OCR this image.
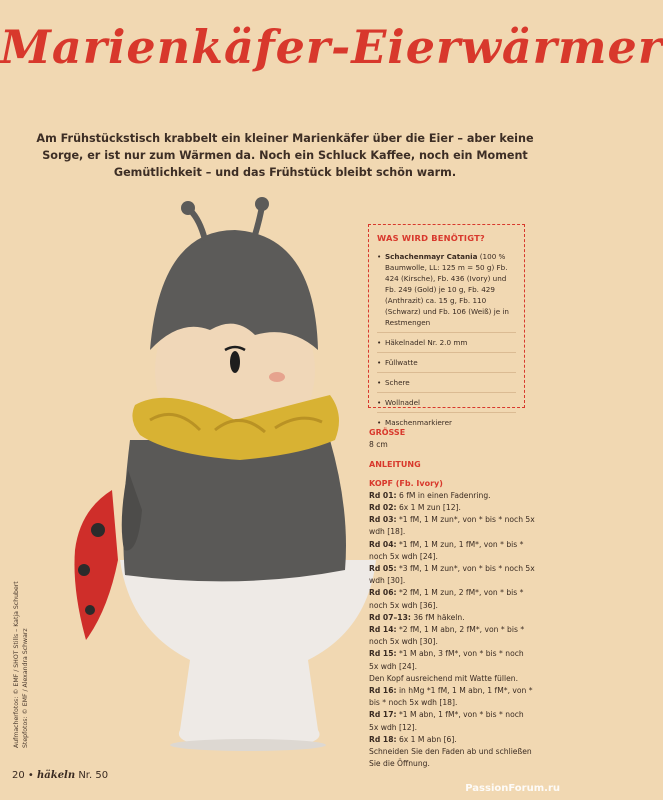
Marienkäfer-Eierwärmer
Am Frühstückstisch krabbelt ein kleiner Marienkäfer über die Eier – aber keine Sorge, er ist nur zum Wärmen da. Noch ein Schluck Kaffee, noch ein Moment Gemütlichkeit – und das Frühstück bleibt schön warm.
WAS WIRD BENÖTIGT?
• Schachenmayr Catania (100 % Baumwolle, LL: 125 m = 50 g) Fb. 424 (Kirsche), Fb. 436 (Ivory) und Fb. 249 (Gold) je 10 g, Fb. 429 (Anthrazit) ca. 15 g, Fb. 110 (Schwarz) und Fb. 106 (Weiß) je in Restmengen
• Häkelnadel Nr. 2.0 mm
• Füllwatte
• Schere
• Wollnadel
• Maschenmarkierer

GRÖSSE

8 cm

ANLEITUNG

KOPF (Fb. Ivory)

Rd 01: 6 fM in einen Fadenring.

Rd 02: 6x 1 M zun [12].

Rd 03: *1 fM, 1 M zun*, von * bis * noch 5x wdh [18].

Rd 04: *1 fM, 1 M zun, 1 fM*, von * bis * noch 5x wdh [24].

Rd 05: *3 fM, 1 M zun*, von * bis * noch 5x wdh [30].

Rd 06: *2 fM, 1 M zun, 2 fM*, von * bis * noch 5x wdh [36].

Rd 07–13: 36 fM häkeln.

Rd 14: *2 fM, 1 M abn, 2 fM*, von * bis * noch 5x wdh [30].

Rd 15: *1 M abn, 3 fM*, von * bis * noch 5x wdh [24].

Den Kopf ausreichend mit Watte füllen.

Rd 16: in hMg *1 fM, 1 M abn, 1 fM*, von * bis * noch 5x wdh [18].

Rd 17: *1 M abn, 1 fM*, von * bis * noch 5x wdh [12].

Rd 18: 6x 1 M abn [6].

Schneiden Sie den Faden ab und schließen Sie die Öffnung.

Aufmacherfotos: © EMF / SHOT Stills – Katja Schubert Stepfotos: © EMF / Alexandra Schwarz
20 • häkeln Nr. 50
PassionForum.ru
